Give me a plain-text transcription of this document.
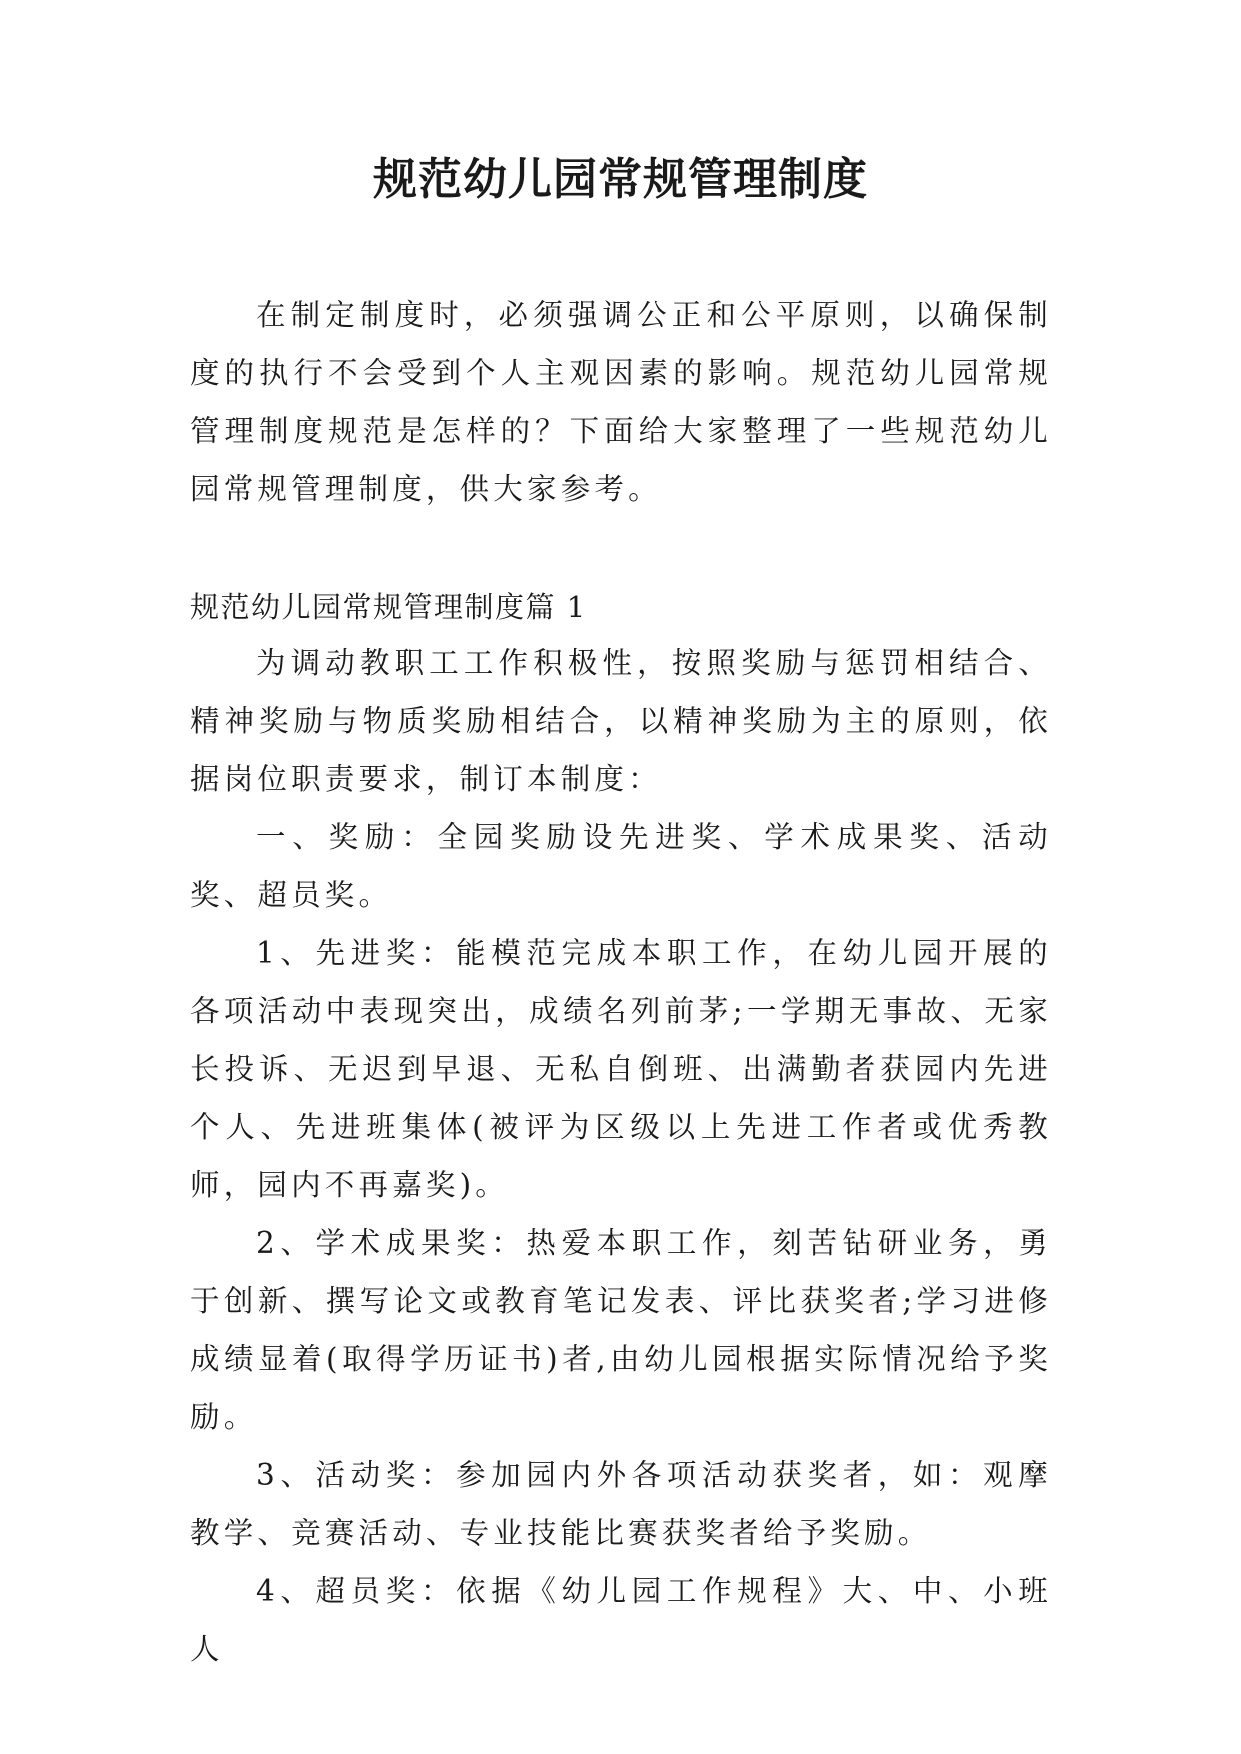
规范幼儿园常规管理制度

在制定制度时，必须强调公正和公平原则，以确保制度的执行不会受到个人主观因素的影响。规范幼儿园常规管理制度规范是怎样的？下面给大家整理了一些规范幼儿园常规管理制度，供大家参考。

规范幼儿园常规管理制度篇 1

为调动教职工工作积极性，按照奖励与惩罚相结合、精神奖励与物质奖励相结合，以精神奖励为主的原则，依据岗位职责要求，制订本制度：

一、奖励：全园奖励设先进奖、学术成果奖、活动奖、超员奖。

1、先进奖：能模范完成本职工作，在幼儿园开展的各项活动中表现突出，成绩名列前茅;一学期无事故、无家长投诉、无迟到早退、无私自倒班、出满勤者获园内先进个人、先进班集体(被评为区级以上先进工作者或优秀教师，园内不再嘉奖)。

2、学术成果奖：热爱本职工作，刻苦钻研业务，勇于创新、撰写论文或教育笔记发表、评比获奖者;学习进修成绩显着(取得学历证书)者,由幼儿园根据实际情况给予奖励。

3、活动奖：参加园内外各项活动获奖者，如：观摩教学、竞赛活动、专业技能比赛获奖者给予奖励。

4、超员奖：依据《幼儿园工作规程》大、中、小班人
